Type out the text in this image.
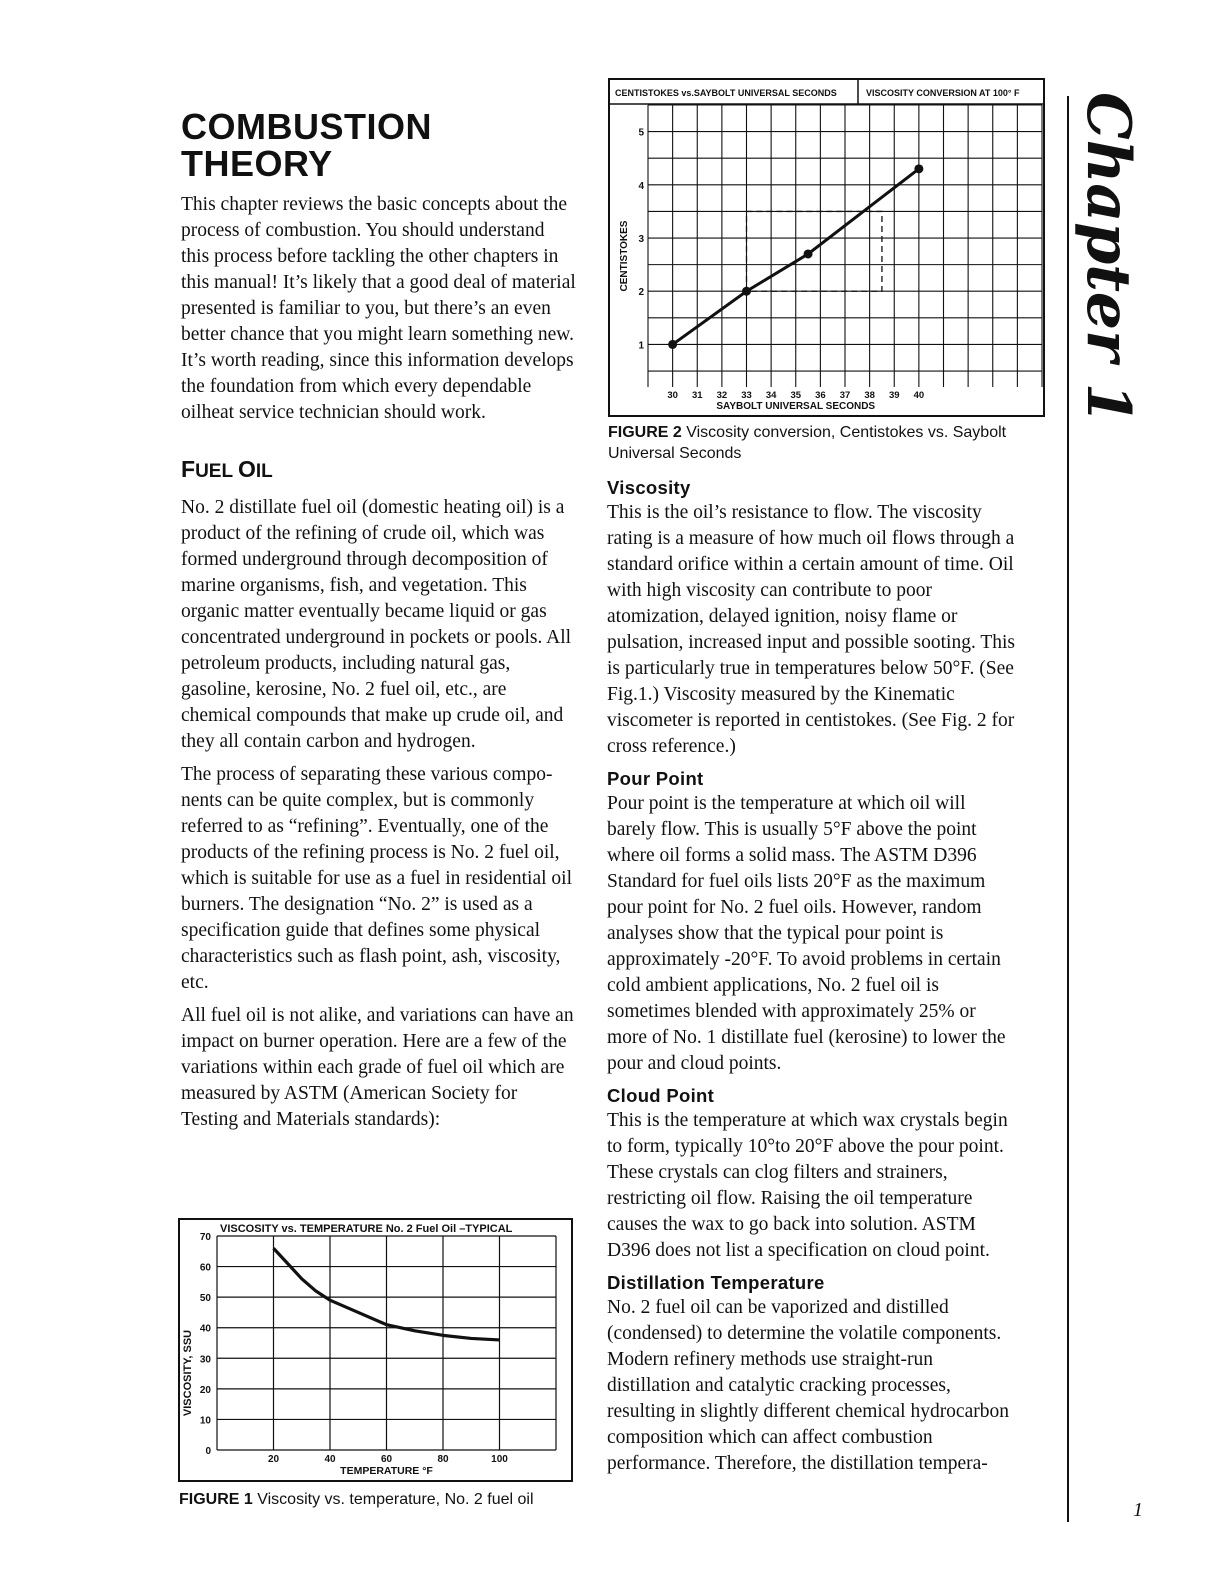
COMBUSTION
THEORY

This chapter reviews the basic concepts about the process of combustion. You should understand this process before tackling the other chapters in this manual! It’s likely that a good deal of material presented is familiar to you, but there’s an even better chance that you might learn something new. It’s worth reading, since this information develops the foundation from which every dependable oilheat service technician should work.

FUEL OIL

No. 2 distillate fuel oil (domestic heating oil) is a product of the refining of crude oil, which was formed underground through decomposition of marine organisms, fish, and vegetation. This organic matter eventually became liquid or gas concentrated underground in pockets or pools. All petroleum products, including natural gas, gasoline, kerosine, No. 2 fuel oil, etc., are chemical compounds that make up crude oil, and they all contain carbon and hydrogen.

The process of separating these various components can be quite complex, but is commonly referred to as “refining”. Eventually, one of the products of the refining process is No. 2 fuel oil, which is suitable for use as a fuel in residential oil burners. The designation “No. 2” is used as a specification guide that defines some physical characteristics such as flash point, ash, viscosity, etc.

All fuel oil is not alike, and variations can have an impact on burner operation. Here are a few of the variations within each grade of fuel oil which are measured by ASTM (American Society for Testing and Materials standards):

0
10
20
30
40
50
60
70
20	40	60	80	100
VISCOSITY vs. TEMPERATURE No. 2 Fuel Oil –TYPICAL
TEMPERATURE °F
VISCOSITY, SSU
FIGURE 1 Viscosity vs. temperature, No. 2 fuel oil
CENTISTOKES vs.SAYBOLT UNIVERSAL SECONDS	VISCOSITY CONVERSION AT 100° F
1
2
3
4
5
30 31 32 33 34 35 36 37 38 39 40
SAYBOLT UNIVERSAL SECONDS
CENTISTOKES
FIGURE 2 Viscosity conversion, Centistokes vs. Saybolt Universal Seconds
Viscosity

This is the oil’s resistance to flow. The viscosity rating is a measure of how much oil flows through a standard orifice within a certain amount of time. Oil with high viscosity can contribute to poor atomization, delayed ignition, noisy flame or pulsation, increased input and possible sooting. This is particularly true in temperatures below 50°F. (See Fig.1.) Viscosity measured by the Kinematic viscometer is reported in centistokes. (See Fig. 2 for cross reference.)

Pour Point

Pour point is the temperature at which oil will barely flow. This is usually 5°F above the point where oil forms a solid mass. The ASTM D396 Standard for fuel oils lists 20°F as the maximum pour point for No. 2 fuel oils. However, random analyses show that the typical pour point is approximately -20°F. To avoid problems in certain cold ambient applications, No. 2 fuel oil is sometimes blended with approximately 25% or more of No. 1 distillate fuel (kerosine) to lower the pour and cloud points.

Cloud Point

This is the temperature at which wax crystals begin to form, typically 10°to 20°F above the pour point. These crystals can clog filters and strainers, restricting oil flow. Raising the oil temperature causes the wax to go back into solution. ASTM D396 does not list a specification on cloud point.

Distillation Temperature

No. 2 fuel oil can be vaporized and distilled (condensed) to determine the volatile components. Modern refinery methods use straight-run distillation and catalytic cracking processes, resulting in slightly different chemical hydrocarbon composition which can affect combustion performance. Therefore, the distillation tempera-

Chapter 1
1
